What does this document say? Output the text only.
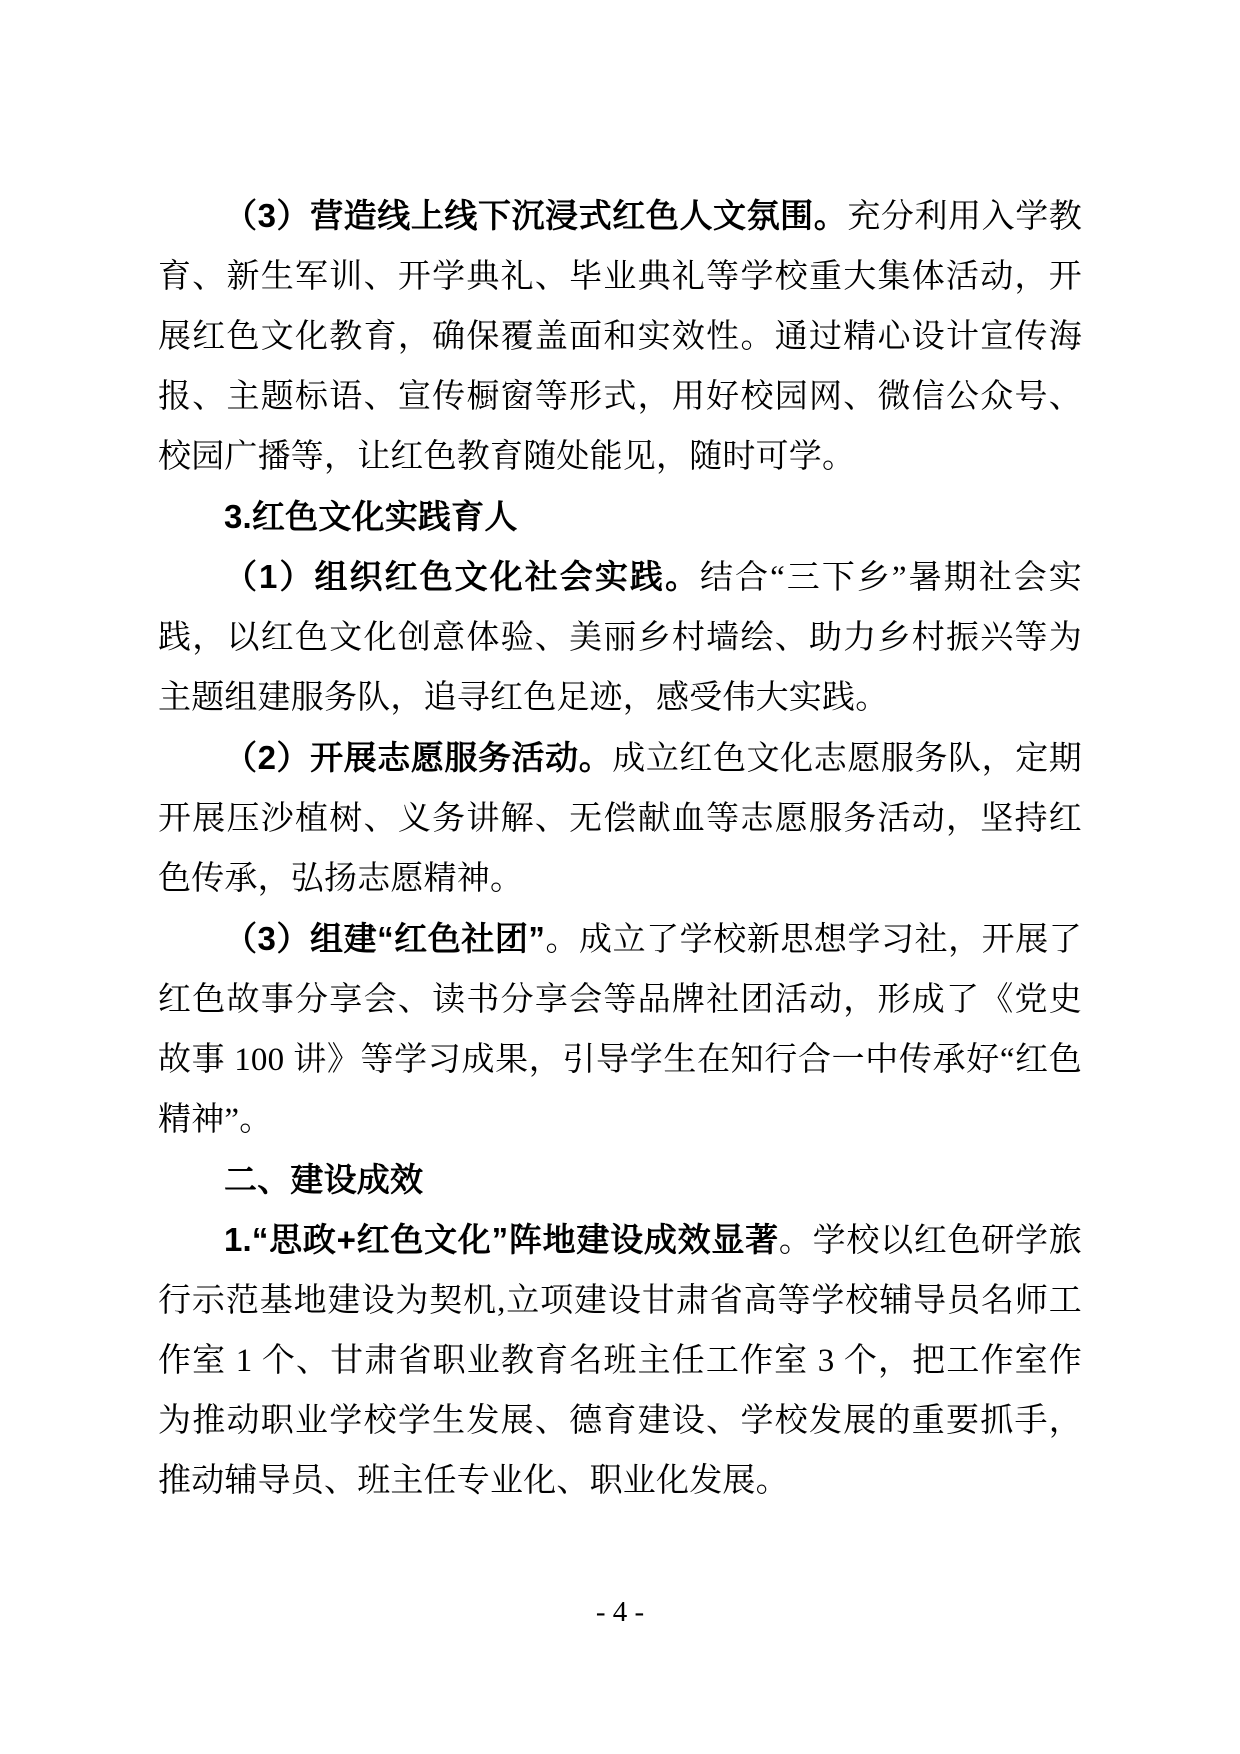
（3）营造线上线下沉浸式红色人文氛围。充分利用入学教育、新生军训、开学典礼、毕业典礼等学校重大集体活动，开展红色文化教育，确保覆盖面和实效性。通过精心设计宣传海报、主题标语、宣传橱窗等形式，用好校园网、微信公众号、校园广播等，让红色教育随处能见，随时可学。

3.红色文化实践育人

（1）组织红色文化社会实践。结合“三下乡”暑期社会实践，以红色文化创意体验、美丽乡村墙绘、助力乡村振兴等为主题组建服务队，追寻红色足迹，感受伟大实践。

（2）开展志愿服务活动。成立红色文化志愿服务队，定期开展压沙植树、义务讲解、无偿献血等志愿服务活动，坚持红色传承，弘扬志愿精神。

（3）组建“红色社团”。成立了学校新思想学习社，开展了红色故事分享会、读书分享会等品牌社团活动，形成了《党史故事 100 讲》等学习成果，引导学生在知行合一中传承好“红色精神”。

二、建设成效

1.“思政+红色文化”阵地建设成效显著。学校以红色研学旅行示范基地建设为契机,立项建设甘肃省高等学校辅导员名师工作室 1 个、甘肃省职业教育名班主任工作室 3 个，把工作室作为推动职业学校学生发展、德育建设、学校发展的重要抓手，推动辅导员、班主任专业化、职业化发展。

- 4 -
